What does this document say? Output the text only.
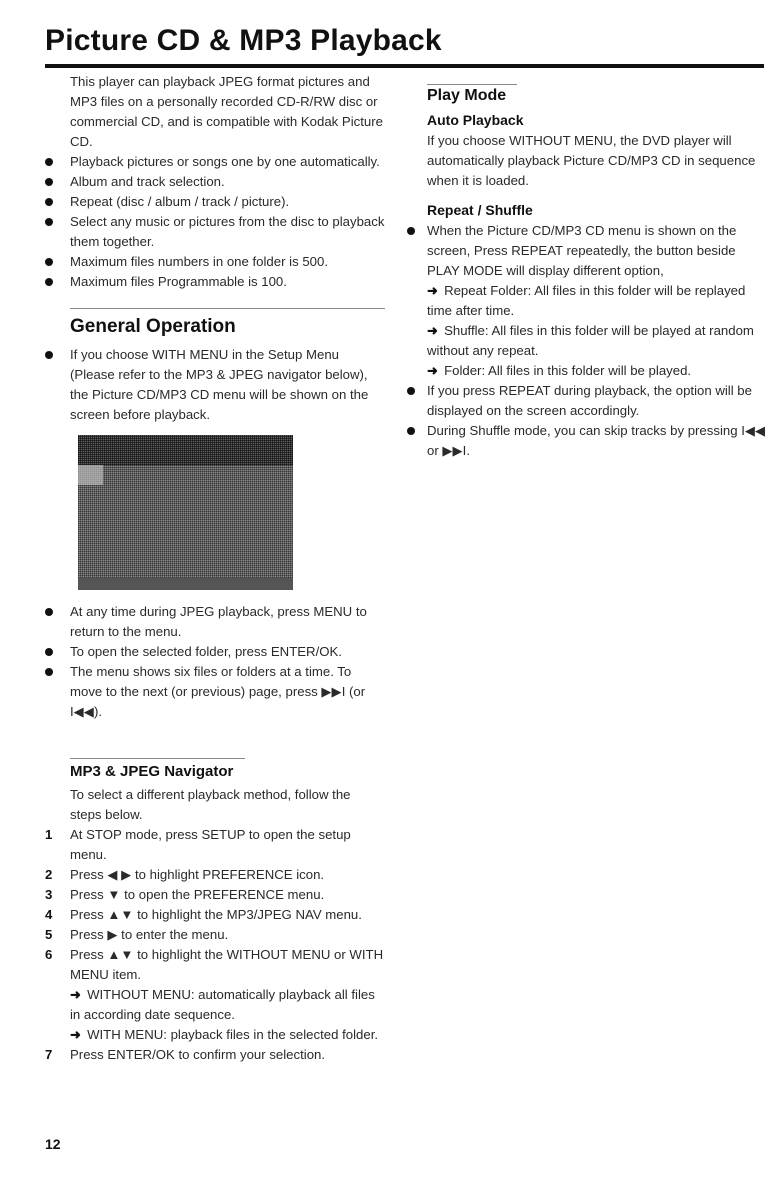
Picture CD & MP3 Playback

This player can playback JPEG format pictures and MP3 files on a personally recorded CD-R/RW disc or commercial CD, and is compatible with Kodak Picture CD.

Playback pictures or songs one by one automatically.
Album and track selection.
Repeat (disc / album / track / picture).
Select any music or pictures from the disc to playback them together.
Maximum files numbers in one folder is 500.
Maximum files Programmable is 100.
General Operation
If you choose WITH MENU in the Setup Menu (Please refer to the MP3 & JPEG navigator below), the Picture CD/MP3 CD menu will be shown on the screen before playback.
At any time during JPEG playback, press MENU to return to the menu.
To open the selected folder, press ENTER/OK.
The menu shows six files or folders at a time. To move to the next (or previous) page, press ▶▶I (or I◀◀).
MP3 & JPEG Navigator

To select a different playback method, follow the steps below.

1 At STOP mode, press SETUP to open the setup menu.
2 Press ◀ ▶ to highlight PREFERENCE icon.
3 Press ▼ to open the PREFERENCE menu.
4 Press ▲▼ to highlight the MP3/JPEG NAV menu.
5 Press ▶ to enter the menu.
6 Press ▲▼ to highlight the WITHOUT MENU or WITH MENU item.
➜ WITHOUT MENU: automatically playback all files in according date sequence.
➜ WITH MENU: playback files in the selected folder.
7 Press ENTER/OK to confirm your selection.
Play Mode
Auto Playback

If you choose WITHOUT MENU, the DVD player will automatically playback Picture CD/MP3 CD in sequence when it is loaded.

Repeat / Shuffle
When the Picture CD/MP3 CD menu is shown on the screen, Press REPEAT repeatedly, the button beside PLAY MODE will display different option,

➜ Repeat Folder: All files in this folder will be replayed time after time.

➜ Shuffle: All files in this folder will be played at random without any repeat.

➜ Folder: All files in this folder will be played.

If you press REPEAT during playback, the option will be displayed on the screen accordingly.
During Shuffle mode, you can skip tracks by pressing I◀◀ or ▶▶I.
12
